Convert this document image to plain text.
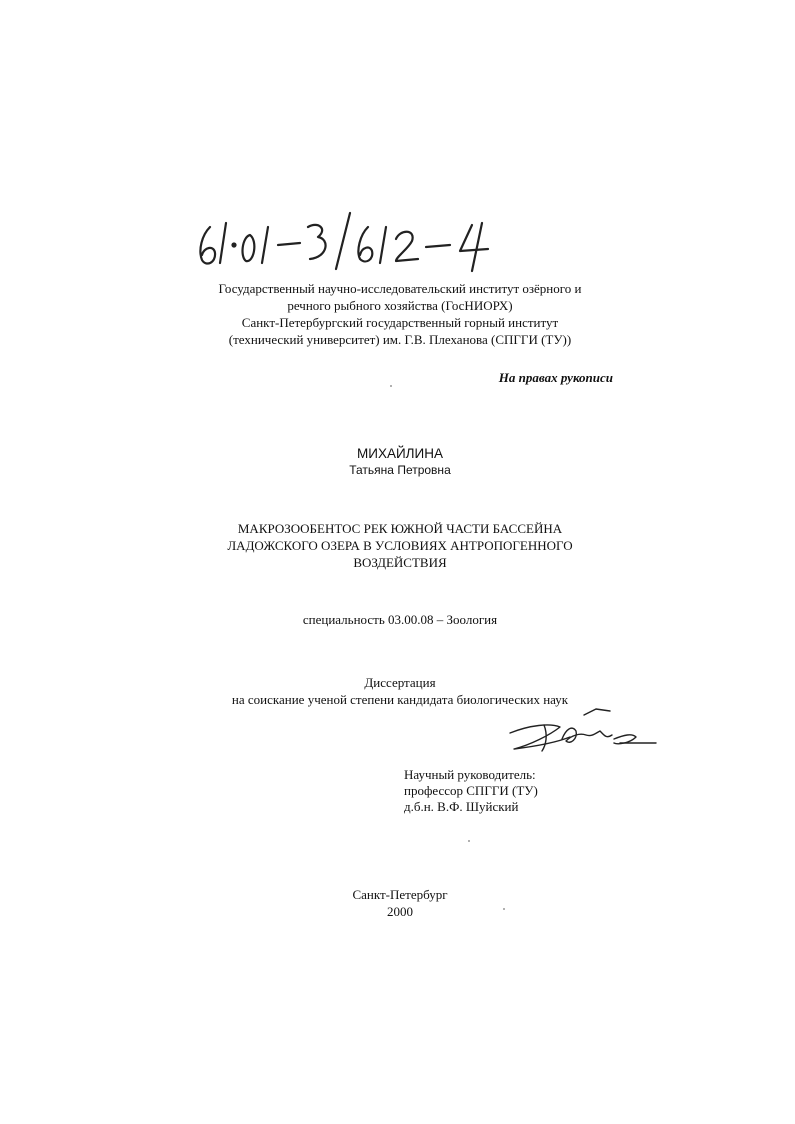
Государственный научно-исследовательский институт озёрного и
речного рыбного хозяйства (ГосНИОРХ)
Санкт-Петербургский государственный горный институт
(технический университет) им. Г.В. Плеханова (СПГГИ (ТУ))
На правах рукописи
МИХАЙЛИНА
Татьяна Петровна
МАКРОЗООБЕНТОС РЕК ЮЖНОЙ ЧАСТИ БАССЕЙНА
ЛАДОЖСКОГО ОЗЕРА В УСЛОВИЯХ АНТРОПОГЕННОГО
ВОЗДЕЙСТВИЯ
специальность 03.00.08 – Зоология
Диссертация
на соискание ученой степени кандидата биологических наук
Научный руководитель:
профессор СПГГИ (ТУ)
д.б.н. В.Ф. Шуйский
Санкт-Петербург
2000
